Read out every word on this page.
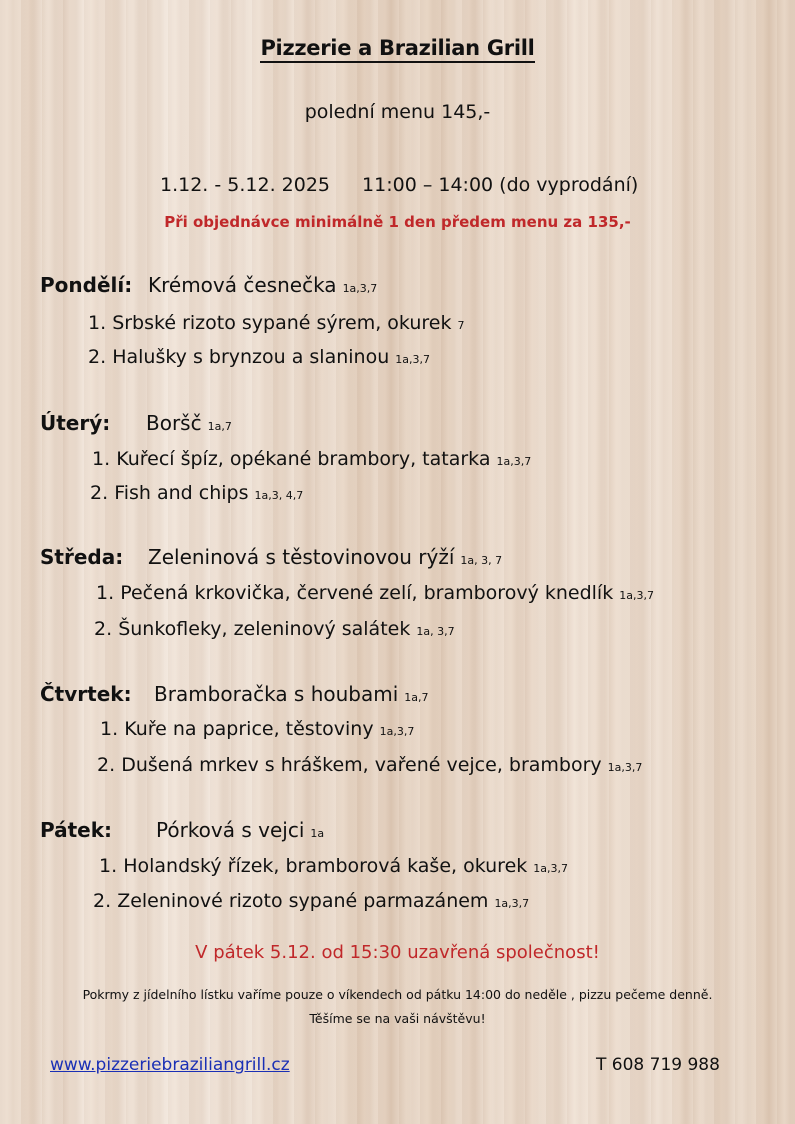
Pizzerie a Brazilian Grill
polední menu 145,-
1.12. - 5.12. 2025 11:00 – 14:00 (do vyprodání)
Při objednávce minimálně 1 den předem menu za 135,-
Pondělí: Krémová česnečka 1a,3,7
1. Srbské rizoto sypané sýrem, okurek 7
2. Halušky s brynzou a slaninou 1a,3,7
Úterý: Boršč 1a,7
1. Kuřecí špíz, opékané brambory, tatarka 1a,3,7
2. Fish and chips 1a,3, 4,7
Středa: Zeleninová s těstovinovou rýží 1a, 3, 7
1. Pečená krkovička, červené zelí, bramborový knedlík 1a,3,7
2. Šunkofleky, zeleninový salátek 1a, 3,7
Čtvrtek: Bramboračka s houbami 1a,7
1. Kuře na paprice, těstoviny 1a,3,7
2. Dušená mrkev s hráškem, vařené vejce, brambory 1a,3,7
Pátek: Pórková s vejci 1a
1. Holandský řízek, bramborová kaše, okurek 1a,3,7
2. Zeleninové rizoto sypané parmazánem 1a,3,7
V pátek 5.12. od 15:30 uzavřená společnost!
Pokrmy z jídelního lístku vaříme pouze o víkendech od pátku 14:00 do neděle , pizzu pečeme denně.
Těšíme se na vaši návštěvu!
www.pizzeriebraziliangrill.cz	T 608 719 988
